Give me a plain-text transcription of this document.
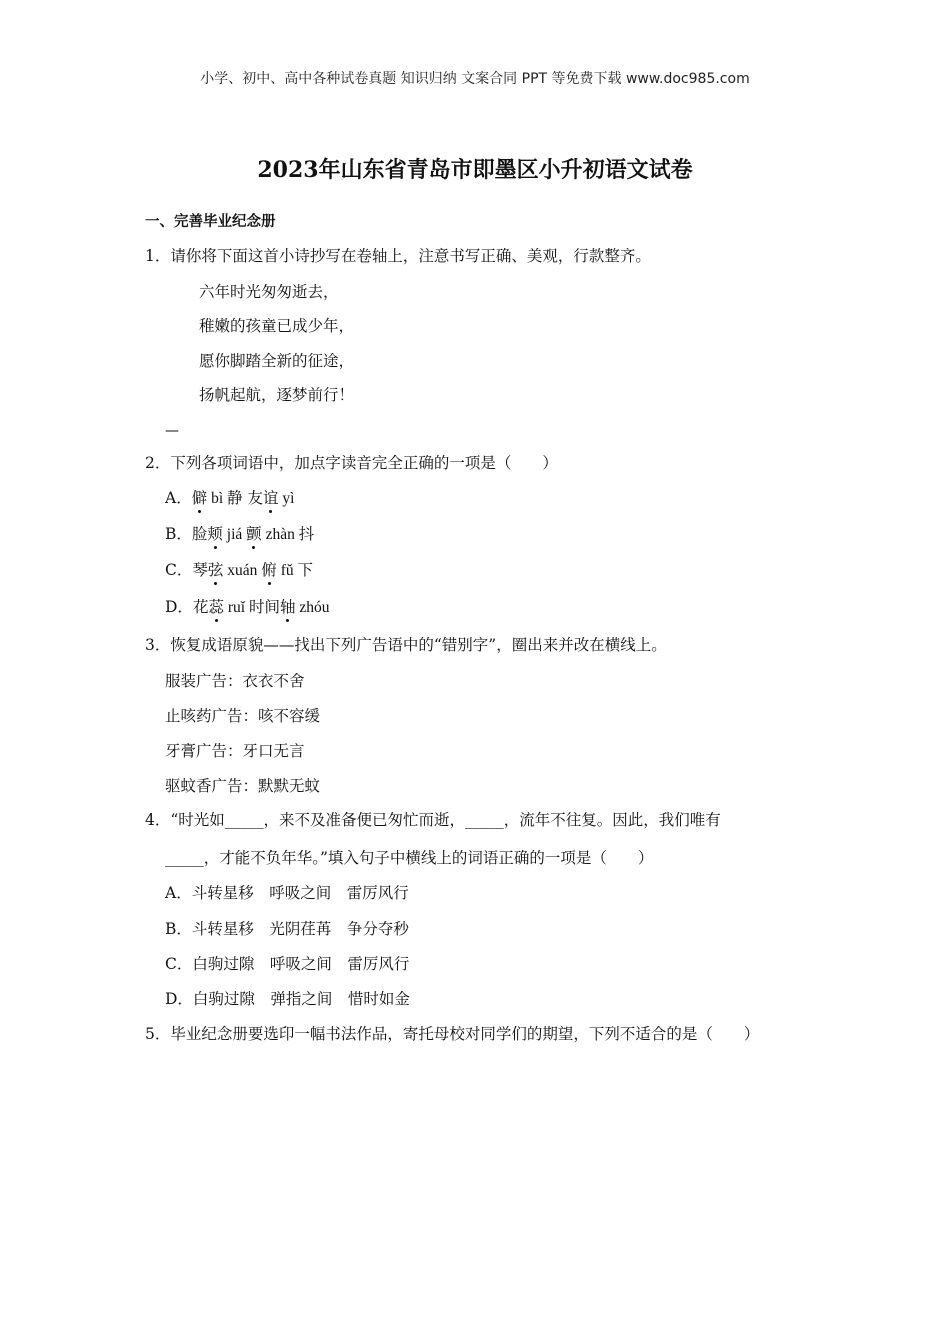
小学、初中、高中各种试卷真题 知识归纳 文案合同 PPT 等免费下载 www.doc985.com
2023年山东省青岛市即墨区小升初语文试卷
一、完善毕业纪念册
1．请你将下面这首小诗抄写在卷轴上，注意书写正确、美观，行款整齐。
六年时光匆匆逝去，
稚嫩的孩童已成少年，
愿你脚踏全新的征途，
扬帆起航，逐梦前行！
—
2．下列各项词语中，加点字读音完全正确的一项是（　　）
A．僻 bì 静 友谊 yì
B．脸颊 jiá 颤 zhàn 抖
C．琴弦 xuán 俯 fǔ 下
D．花蕊 ruǐ 时间轴 zhóu
3．恢复成语原貌——找出下列广告语中的“错别字”，圈出来并改在横线上。
服装广告：衣衣不舍
止咳药广告：咳不容缓
牙膏广告：牙口无言
驱蚊香广告：默默无蚊
4．“时光如_____，来不及准备便已匆忙而逝，_____，流年不往复。因此，我们唯有
_____，才能不负年华。”填入句子中横线上的词语正确的一项是（　　）
A．斗转星移　呼吸之间　雷厉风行
B．斗转星移　光阴荏苒　争分夺秒
C．白驹过隙　呼吸之间　雷厉风行
D．白驹过隙　弹指之间　惜时如金
5．毕业纪念册要选印一幅书法作品，寄托母校对同学们的期望，下列不适合的是（　　）
